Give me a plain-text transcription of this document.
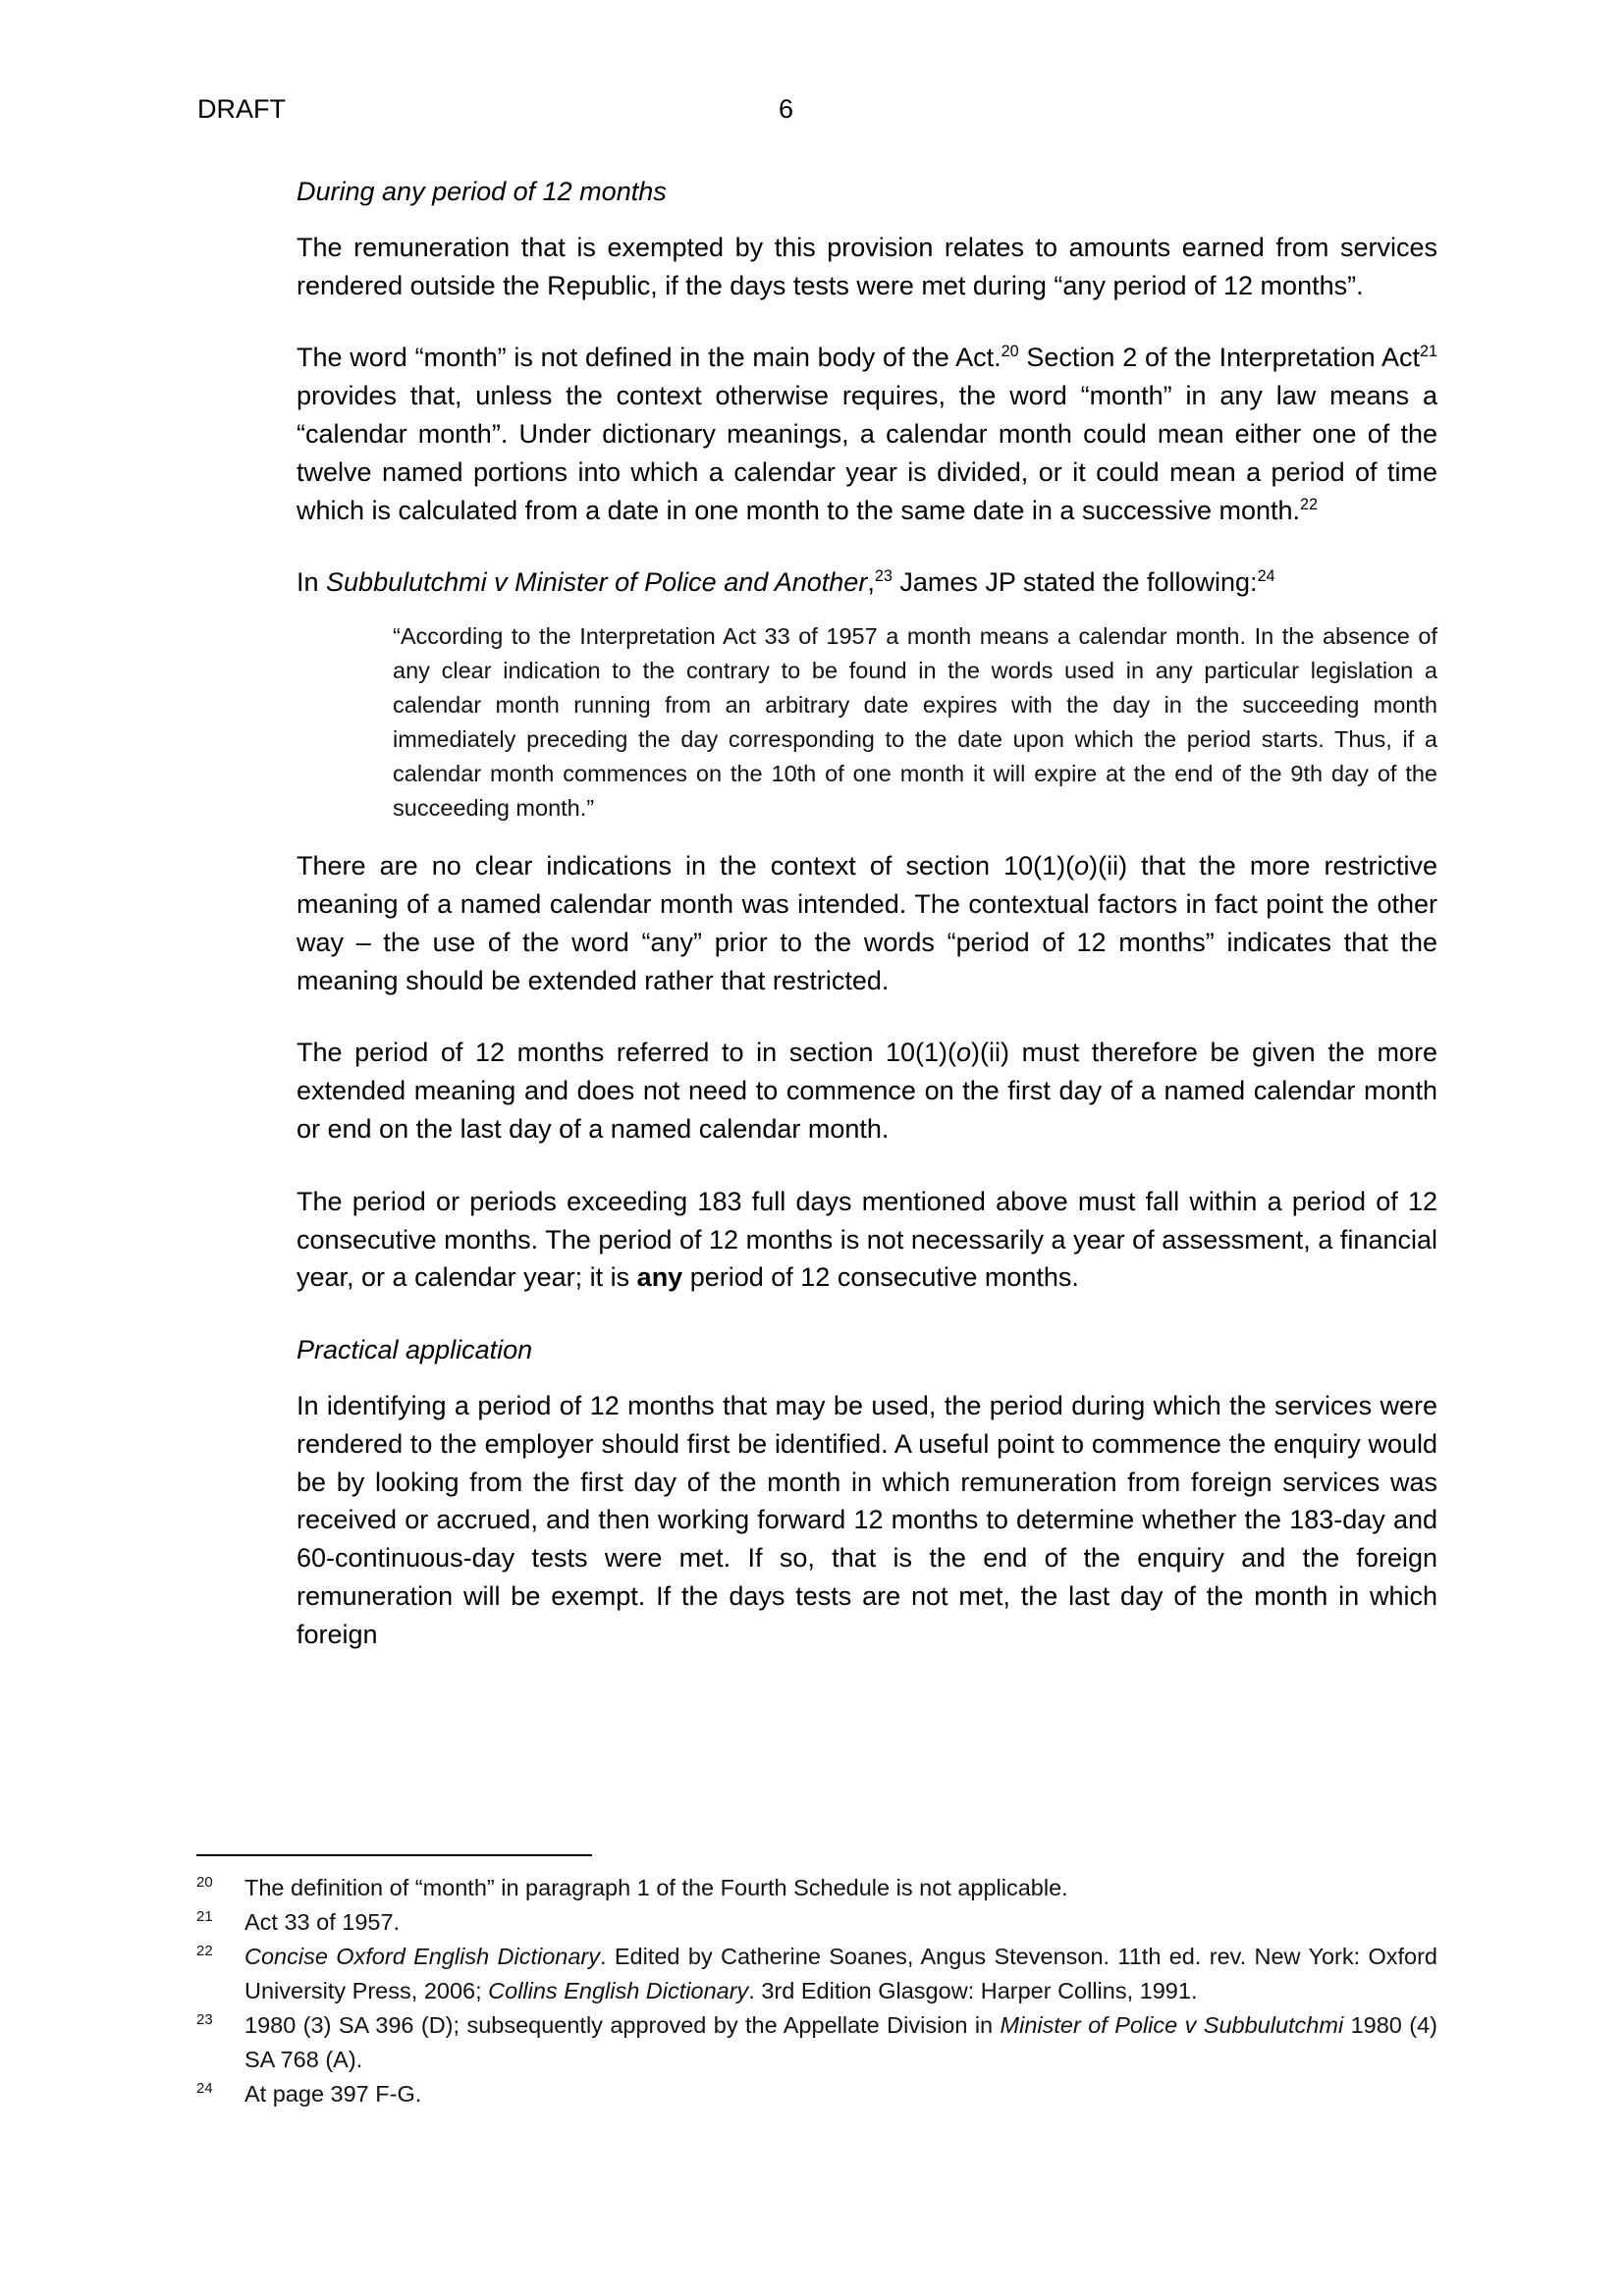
DRAFT	6

During any period of 12 months

The remuneration that is exempted by this provision relates to amounts earned from services rendered outside the Republic, if the days tests were met during “any period of 12 months”.

The word “month” is not defined in the main body of the Act.$^{20}$ Section 2 of the Interpretation Act$^{21}$ provides that, unless the context otherwise requires, the word “month” in any law means a “calendar month”. Under dictionary meanings, a calendar month could mean either one of the twelve named portions into which a calendar year is divided, or it could mean a period of time which is calculated from a date in one month to the same date in a successive month.$^{22}$

In Subbulutchmi v Minister of Police and Another,$^{23}$ James JP stated the following:$^{24}$

“According to the Interpretation Act 33 of 1957 a month means a calendar month. In the absence of any clear indication to the contrary to be found in the words used in any particular legislation a calendar month running from an arbitrary date expires with the day in the succeeding month immediately preceding the day corresponding to the date upon which the period starts. Thus, if a calendar month commences on the 10th of one month it will expire at the end of the 9th day of the succeeding month.”

There are no clear indications in the context of section 10(1)(o)(ii) that the more restrictive meaning of a named calendar month was intended. The contextual factors in fact point the other way – the use of the word “any” prior to the words “period of 12 months” indicates that the meaning should be extended rather that restricted.

The period of 12 months referred to in section 10(1)(o)(ii) must therefore be given the more extended meaning and does not need to commence on the first day of a named calendar month or end on the last day of a named calendar month.

The period or periods exceeding 183 full days mentioned above must fall within a period of 12 consecutive months. The period of 12 months is not necessarily a year of assessment, a financial year, or a calendar year; it is any period of 12 consecutive months.

Practical application

In identifying a period of 12 months that may be used, the period during which the services were rendered to the employer should first be identified. A useful point to commence the enquiry would be by looking from the first day of the month in which remuneration from foreign services was received or accrued, and then working forward 12 months to determine whether the 183-day and 60-continuous-day tests were met. If so, that is the end of the enquiry and the foreign remuneration will be exempt. If the days tests are not met, the last day of the month in which foreign

20 The definition of “month” in paragraph 1 of the Fourth Schedule is not applicable.
21 Act 33 of 1957.
22 Concise Oxford English Dictionary. Edited by Catherine Soanes, Angus Stevenson. 11th ed. rev. New York: Oxford University Press, 2006; Collins English Dictionary. 3rd Edition Glasgow: Harper Collins, 1991.
23 1980 (3) SA 396 (D); subsequently approved by the Appellate Division in Minister of Police v Subbulutchmi 1980 (4) SA 768 (A).
24 At page 397 F-G.
